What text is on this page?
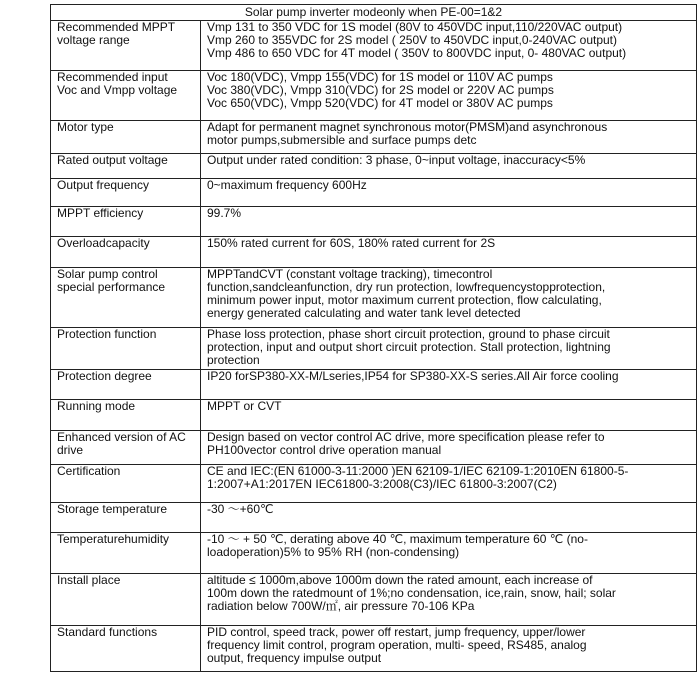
Solar pump inverter modeonly when PE-00=1&2	

Recommended MPPT
voltage range	Vmp 131 to 350 VDC for 1S model (80V to 450VDC input,110/220VAC output)
Vmp 260 to 355VDC for 2S model ( 250V to 450VDC input,0-240VAC output)
Vmp 486 to 650 VDC for 4T model ( 350V to 800VDC input, 0- 480VAC output)

Recommended input
Voc and Vmpp voltage	Voc 180(VDC), Vmpp 155(VDC) for 1S model or 110V AC pumps
Voc 380(VDC), Vmpp 310(VDC) for 2S model or 220V AC pumps
Voc 650(VDC), Vmpp 520(VDC) for 4T model or 380V AC pumps

Motor type	Adapt for permanent magnet synchronous motor(PMSM)and asynchronous
motor pumps,submersible and surface pumps detc

Rated output voltage	Output under rated condition: 3 phase, 0~input voltage, inaccuracy<5%

Output frequency	0~maximum frequency 600Hz

MPPT efficiency	99.7%

Overloadcapacity	150% rated current for 60S, 180% rated current for 2S

Solar pump control
special performance	MPPTandCVT (constant voltage tracking), timecontrol
function,sandcleanfunction, dry run protection, lowfrequencystopprotection,
minimum power input, motor maximum current protection, flow calculating,
energy generated calculating and water tank level detected

Protection function	Phase loss protection, phase short circuit protection, ground to phase circuit
protection, input and output short circuit protection. Stall protection, lightning
protection

Protection degree	IP20 forSP380-XX-M/Lseries,IP54 for SP380-XX-S series.All Air force cooling

Running mode	MPPT or CVT

Enhanced version of AC
drive	Design based on vector control AC drive, more specification please refer to
PH100vector control drive operation manual

Certification	CE and IEC:(EN 61000-3-11:2000 )EN 62109-1/IEC 62109-1:2010EN 61800-5-
1:2007+A1:2017EN IEC61800-3:2008(C3)/IEC 61800-3:2007(C2)

Storage temperature	-30 ～+60℃

Temperaturehumidity	-10 ～ + 50 ℃, derating above 40 ℃, maximum temperature 60 ℃ (no-
loadoperation)5% to 95% RH (non-condensing)

Install place	altitude ≤ 1000m,above 1000m down the rated amount, each increase of
100m down the ratedmount of 1%;no condensation, ice,rain, snow, hail; solar
radiation below 700W/㎡, air pressure 70-106 KPa

Standard functions	PID control, speed track, power off restart, jump frequency, upper/lower
frequency limit control, program operation, multi- speed, RS485, analog
output, frequency impulse output
